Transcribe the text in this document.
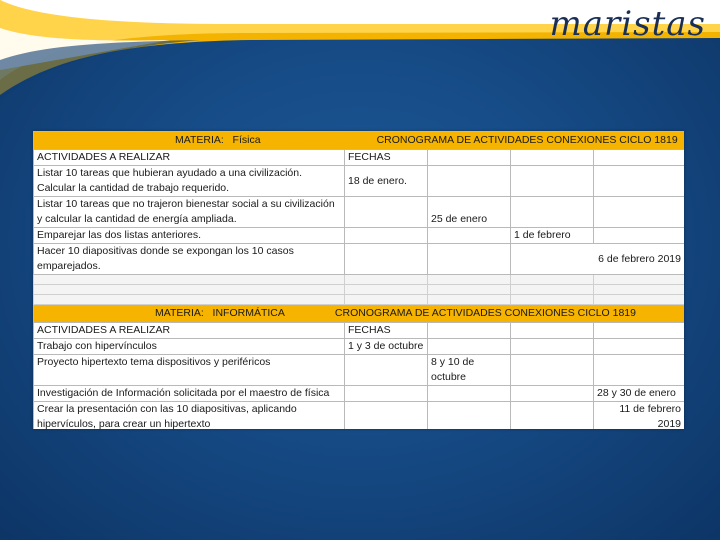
maristas
MATERIA:   Física CRONOGRAMA DE ACTIVIDADES CONEXIONES CICLO 1819				
ACTIVIDADES A REALIZAR	FECHAS			
Listar 10 tareas que hubieran ayudado a una civilización. Calcular la cantidad de trabajo requerido.	18 de enero.			
Listar 10 tareas que no trajeron bienestar social a su civilización y calcular la cantidad de energía ampliada.		25 de enero		
Emparejar las dos listas anteriores.			1 de febrero	
Hacer 10 diapositivas donde se expongan los 10 casos emparejados.			6 de febrero 2019	

MATERIA:   INFORMÁTICA CRONOGRAMA DE ACTIVIDADES CONEXIONES CICLO 1819				
ACTIVIDADES A REALIZAR	FECHAS			
Trabajo con hipervínculos	1 y 3 de octubre			
Proyecto hipertexto tema dispositivos y periféricos		8 y 10 de octubre		
Investigación de Información solicitada por el maestro de física				28 y 30 de enero
Crear la presentación con las 10 diapositivas, aplicando hipervículos, para crear un hipertexto				11 de febrero 2019
